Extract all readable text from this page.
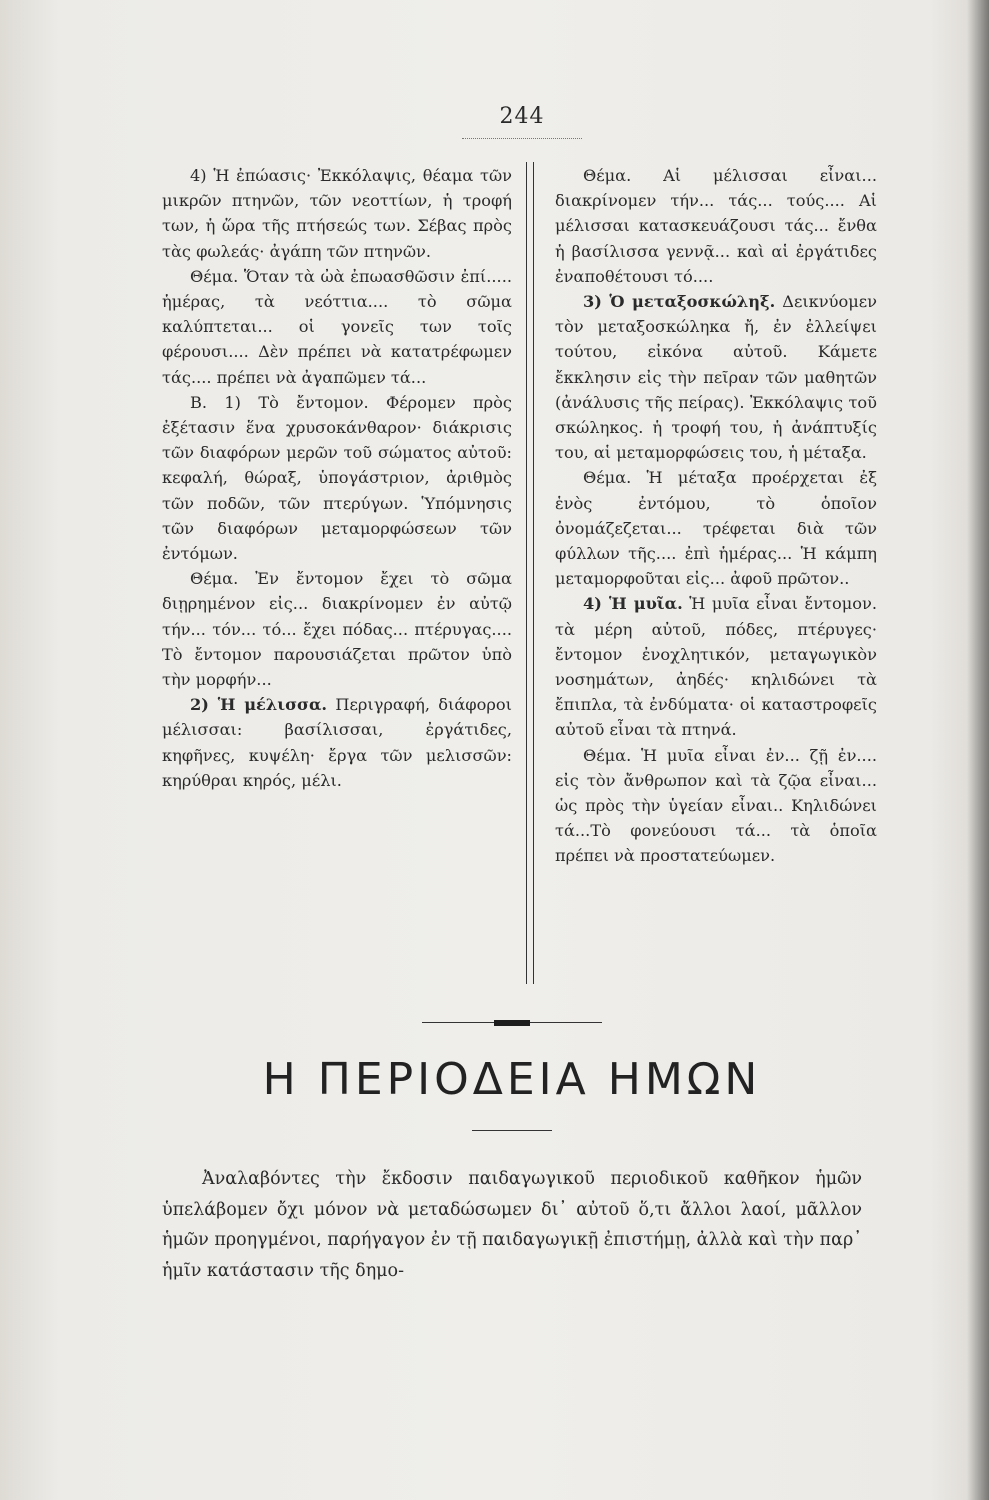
244

4) Ἡ ἐπώασις· Ἐκκόλαψις, θέαμα τῶν μικρῶν πτηνῶν, τῶν νεοττίων, ἡ τροφή των, ἡ ὥρα τῆς πτήσεώς των. Σέβας πρὸς τὰς φωλεάς· ἀγάπη τῶν πτηνῶν.

Θέμα. Ὅταν τὰ ὠὰ ἐπωασθῶσιν ἐπί..... ἡμέρας, τὰ νεόττια.... τὸ σῶμα καλύπτεται... οἱ γονεῖς των τοῖς φέρουσι.... Δὲν πρέπει νὰ κατατρέφωμεν τάς.... πρέπει νὰ ἀγαπῶμεν τά...

Β. 1) Τὸ ἔντομον. Φέρομεν πρὸς ἐξέτασιν ἕνα χρυσοκάνθαρον· διάκρισις τῶν διαφόρων μερῶν τοῦ σώματος αὐτοῦ: κεφαλή, θώραξ, ὑπογάστριον, ἀριθμὸς τῶν ποδῶν, τῶν πτερύγων. Ὑπόμνησις τῶν διαφόρων μεταμορφώσεων τῶν ἐντόμων.

Θέμα. Ἐν ἔντομον ἔχει τὸ σῶμα διῃρημένον εἰς... διακρίνομεν ἐν αὐτῷ τήν... τόν... τό... ἔχει πόδας... πτέρυγας.... Τὸ ἔντομον παρουσιάζεται πρῶτον ὑπὸ τὴν μορφήν...

2) Ἡ μέλισσα. Περιγραφή, διάφοροι μέλισσαι: βασίλισσαι, ἐργάτιδες, κηφῆνες, κυψέλη· ἔργα τῶν μελισσῶν: κηρύθραι κηρός, μέλι.

Θέμα. Αἱ μέλισσαι εἶναι... διακρίνομεν τήν... τάς... τούς.... Αἱ μέλισσαι κατασκευάζουσι τάς... ἔνθα ἡ βασίλισσα γεννᾷ... καὶ αἱ ἐργάτιδες ἐναποθέτουσι τό....

3) Ὁ μεταξοσκώληξ. Δεικνύομεν τὸν μεταξοσκώληκα ἤ, ἐν ἐλλείψει τούτου, εἰκόνα αὐτοῦ. Κάμετε ἔκκλησιν εἰς τὴν πεῖραν τῶν μαθητῶν (ἀνάλυσις τῆς πείρας). Ἐκκόλαψις τοῦ σκώληκος. ἡ τροφή του, ἡ ἀνάπτυξίς του, αἱ μεταμορφώσεις του, ἡ μέταξα.

Θέμα. Ἡ μέταξα προέρχεται ἐξ ἑνὸς ἐντόμου, τὸ ὁποῖον ὀνομάζεζεται... τρέφεται διὰ τῶν φύλλων τῆς.... ἐπὶ ἡμέρας... Ἡ κάμπη μεταμορφοῦται εἰς... ἀφοῦ πρῶτον..

4) Ἡ μυῖα. Ἡ μυῖα εἶναι ἔντομον. τὰ μέρη αὐτοῦ, πόδες, πτέρυγες· ἔντομον ἐνοχλητικόν, μεταγωγικὸν νοσημάτων, ἀηδές· κηλιδώνει τὰ ἔπιπλα, τὰ ἐνδύματα· οἱ καταστροφεῖς αὐτοῦ εἶναι τὰ πτηνά.

Θέμα. Ἡ μυῖα εἶναι ἐν... ζῇ ἐν.... εἰς τὸν ἄνθρωπον καὶ τὰ ζῷα εἶναι... ὡς πρὸς τὴν ὑγείαν εἶναι.. Κηλιδώνει τά...Τὸ φονεύουσι τά... τὰ ὁποῖα πρέπει νὰ προστατεύωμεν.

Η ΠΕΡΙΟΔΕΙΑ ΗΜΩΝ

Ἀναλαβόντες τὴν ἔκδοσιν παιδαγωγικοῦ περιοδικοῦ καθῆκον ἡμῶν ὑπελάβομεν ὄχι μόνον νὰ μεταδώσωμεν δι᾽ αὐτοῦ ὅ,τι ἄλλοι λαοί, μᾶλλον ἡμῶν προηγμένοι, παρήγαγον ἐν τῇ παιδαγωγικῇ ἐπιστήμῃ, ἀλλὰ καὶ τὴν παρ᾽ ἡμῖν κατάστασιν τῆς δημο-
